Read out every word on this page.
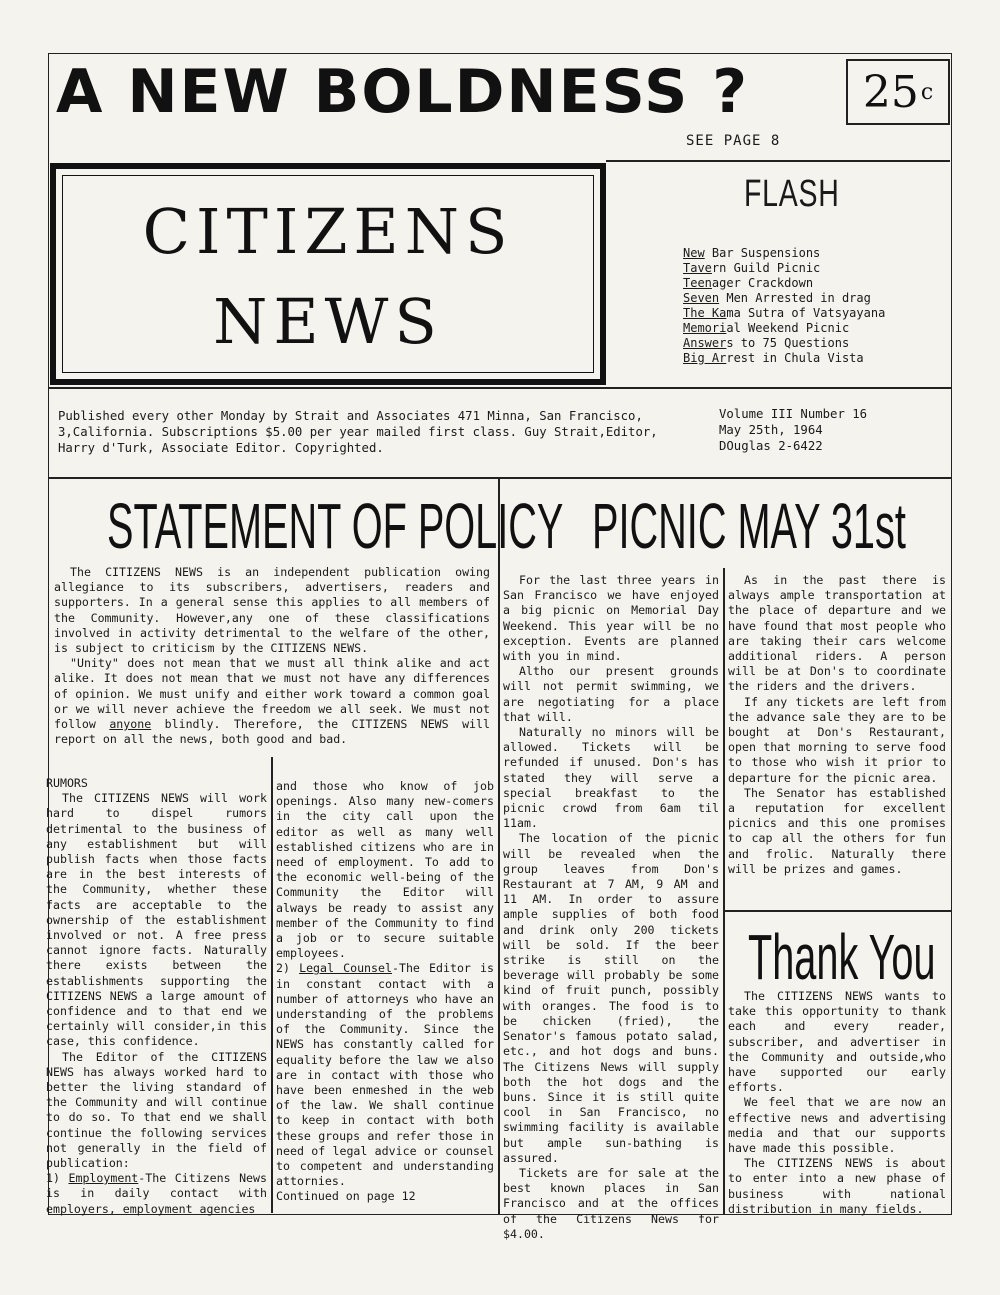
A NEW BOLDNESS ?	25 c
SEE PAGE 8
CITIZENS
NEWS
FLASH
New Bar Suspensions
Tavern Guild Picnic
Teenager Crackdown
Seven Men Arrested in drag
The Kama Sutra of Vatsyayana
Memorial Weekend Picnic
Answers to 75 Questions
Big Arrest in Chula Vista
Published every other Monday by Strait and Associates 471 Minna, San Francisco,
3,California. Subscriptions $5.00 per year mailed first class. Guy Strait,Editor,
Harry d'Turk, Associate Editor. Copyrighted.
Volume III Number 16
May 25th, 1964
DOuglas 2-6422
STATEMENT OF POLICY

The CITIZENS NEWS is an independent publication owing allegiance to its subscribers, advertisers, readers and supporters. In a general sense this applies to all members of the Community. However,any one of these classifications involved in activity detrimental to the welfare of the other, is subject to criticism by the CITIZENS NEWS.

"Unity" does not mean that we must all think alike and act alike. It does not mean that we must not have any differences of opinion. We must unify and either work toward a common goal or we will never achieve the freedom we all seek. We must not follow anyone blindly. Therefore, the CITIZENS NEWS will report on all the news, both good and bad.

RUMORS

The CITIZENS NEWS will work hard to dispel rumors detrimental to the business of any establishment but will publish facts when those facts are in the best interests of the Community, whether these facts are acceptable to the ownership of the establishment involved or not. A free press cannot ignore facts. Naturally there exists between the establishments supporting the CITIZENS NEWS a large amount of confidence and to that end we certainly will consider,in this case, this confidence.

The Editor of the CITIZENS NEWS has always worked hard to better the living standard of the Community and will continue to do so. To that end we shall continue the following services not generally in the field of publication:

1) Employment-The Citizens News is in daily contact with employers, employment agencies

and those who know of job openings. Also many new-comers in the city call upon the editor as well as many well established citizens who are in need of employment. To add to the economic well-being of the Community the Editor will always be ready to assist any member of the Community to find a job or to secure suitable employees.

2) Legal Counsel-The Editor is in constant contact with a number of attorneys who have an understanding of the problems of the Community. Since the NEWS has constantly called for equality before the law we also are in contact with those who have been enmeshed in the web of the law. We shall continue to keep in contact with both these groups and refer those in need of legal advice or counsel to competent and understanding attornies.

Continued on page 12

PICNIC MAY 31st

For the last three years in San Francisco we have enjoyed a big picnic on Memorial Day Weekend. This year will be no exception. Events are planned with you in mind.

Altho our present grounds will not permit swimming, we are negotiating for a place that will.

Naturally no minors will be allowed. Tickets will be refunded if unused. Don's has stated they will serve a special breakfast to the picnic crowd from 6am til 11am.

The location of the picnic will be revealed when the group leaves from Don's Restaurant at 7 AM, 9 AM and 11 AM. In order to assure ample supplies of both food and drink only 200 tickets will be sold. If the beer strike is still on the beverage will probably be some kind of fruit punch, possibly with oranges. The food is to be chicken (fried), the Senator's famous potato salad, etc., and hot dogs and buns. The Citizens News will supply both the hot dogs and the buns. Since it is still quite cool in San Francisco, no swimming facility is available but ample sun-bathing is assured.

Tickets are for sale at the best known places in San Francisco and at the offices of the Citizens News for $4.00.

As in the past there is always ample transportation at the place of departure and we have found that most people who are taking their cars welcome additional riders. A person will be at Don's to coordinate the riders and the drivers.

If any tickets are left from the advance sale they are to be bought at Don's Restaurant, open that morning to serve food to those who wish it prior to departure for the picnic area.

The Senator has established a reputation for excellent picnics and this one promises to cap all the others for fun and frolic. Naturally there will be prizes and games.

Thank You

The CITIZENS NEWS wants to take this opportunity to thank each and every reader, subscriber, and advertiser in the Community and outside,who have supported our early efforts.

We feel that we are now an effective news and advertising media and that our supports have made this possible.

The CITIZENS NEWS is about to enter into a new phase of business with national distribution in many fields.
